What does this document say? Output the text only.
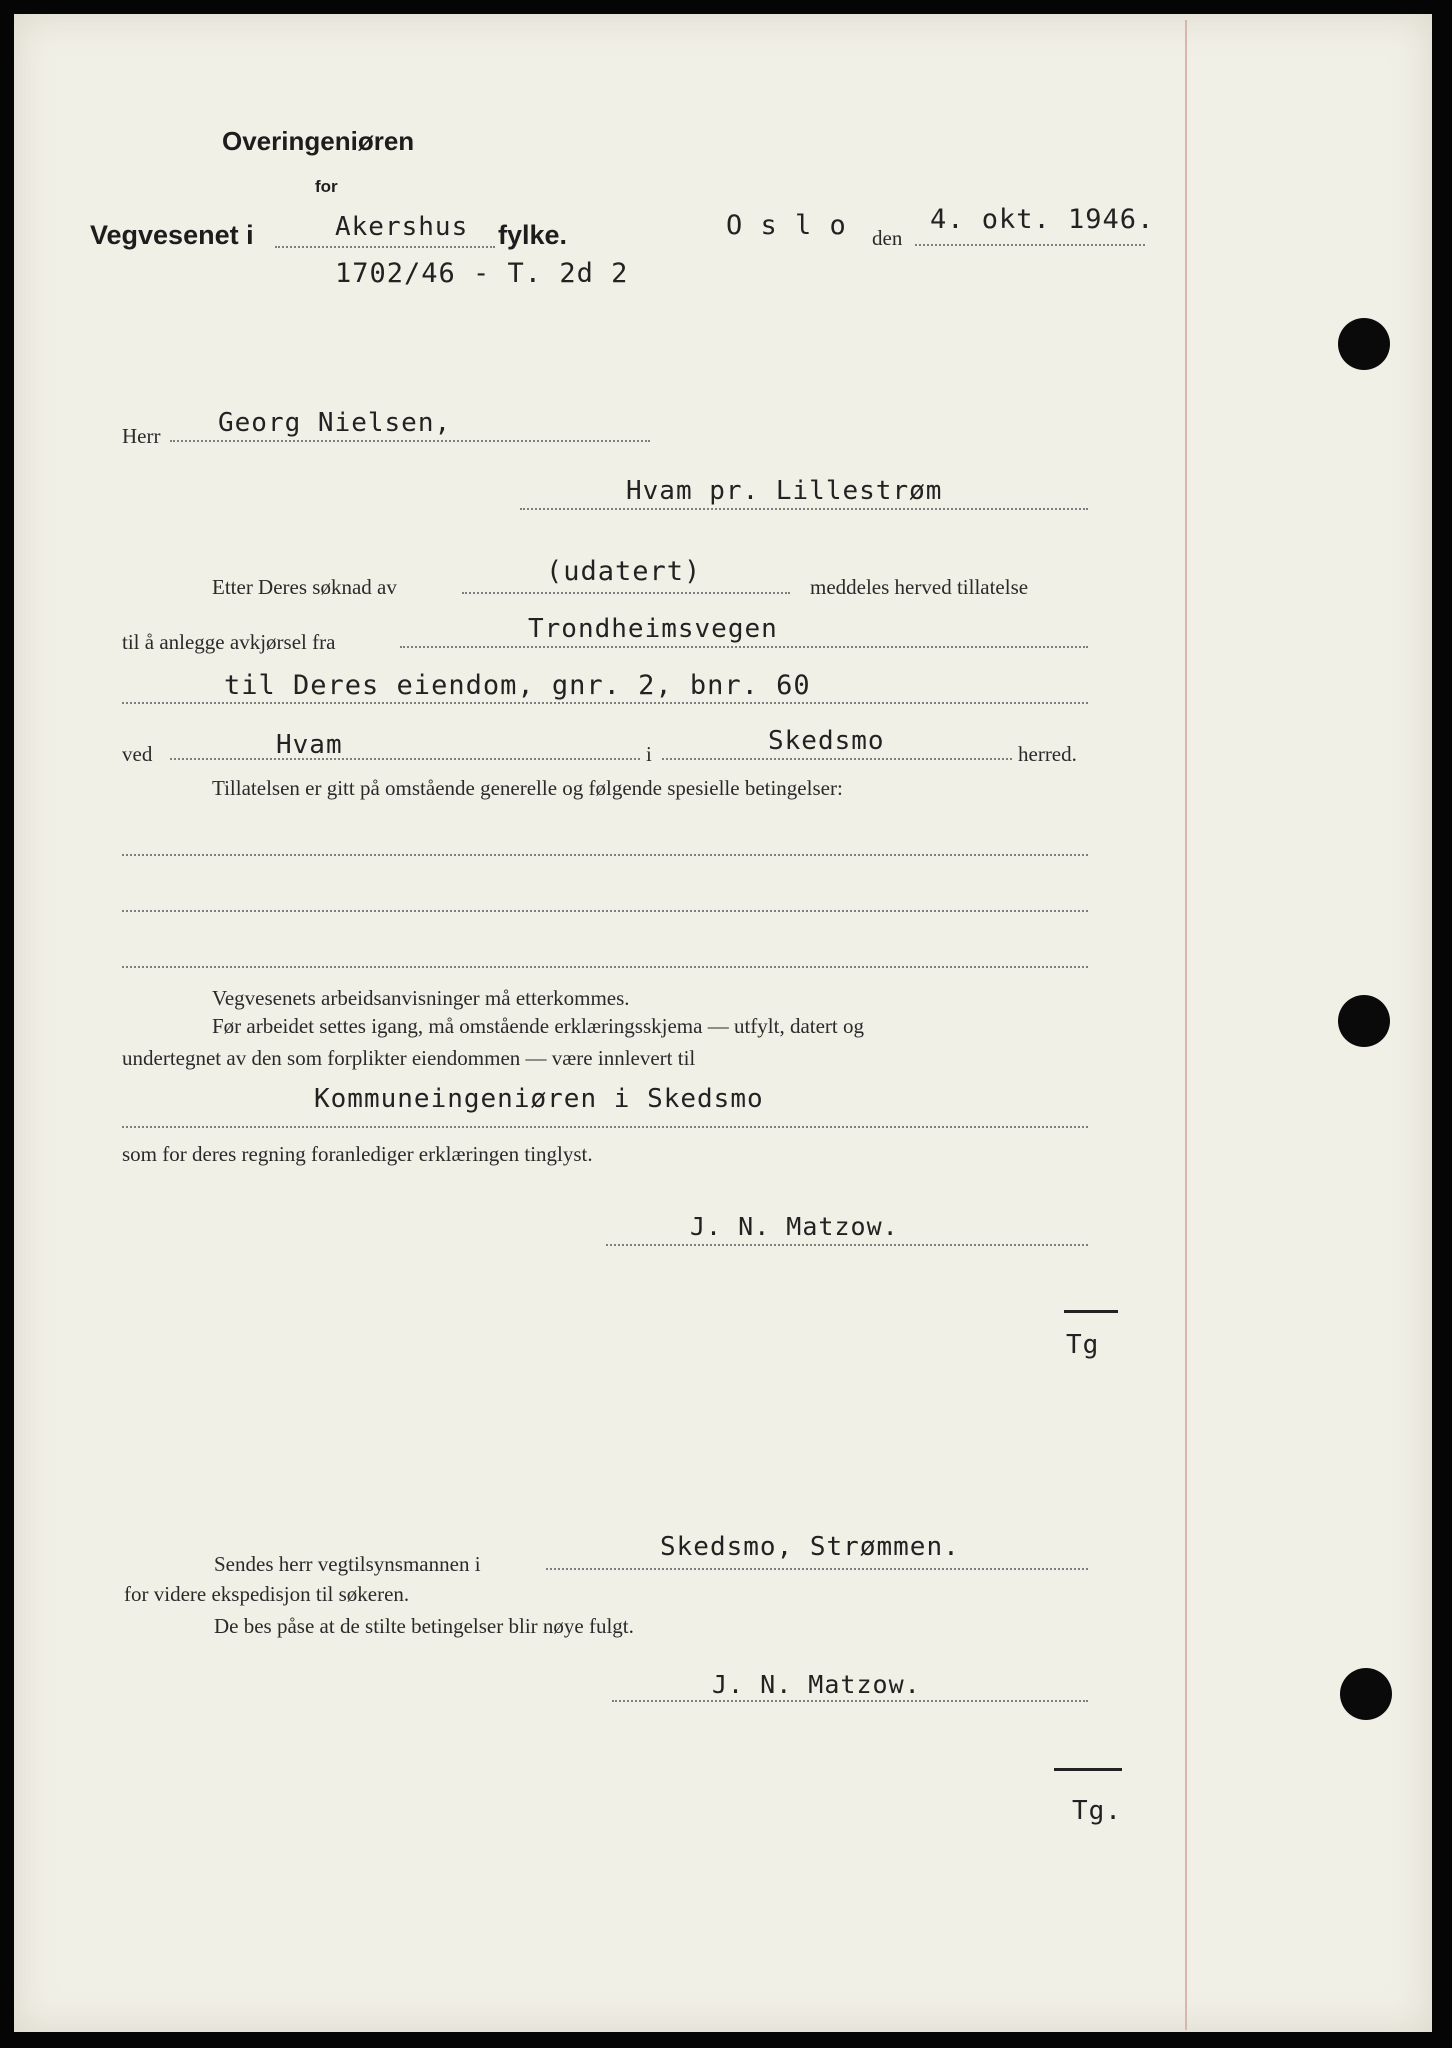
Overingeniøren
for
Vegvesenet i	Akershus fylke.
1702/46 - T. 2d 2
O s l o den
4. okt. 1946.
Herr Georg Nielsen,
Hvam pr. Lillestrøm
Etter Deres søknad av	(udatert)	meddeles herved tillatelse
til å anlegge avkjørsel fra	Trondheimsvegen
til Deres eiendom, gnr. 2, bnr. 60
ved	Hvam	i	Skedsmo	herred.
Tillatelsen er gitt på omstående generelle og følgende spesielle betingelser:
Vegvesenets arbeidsanvisninger må etterkommes.
Før arbeidet settes igang, må omstående erklæringsskjema — utfylt, datert og
undertegnet av den som forplikter eiendommen — være innlevert til
Kommuneingeniøren i Skedsmo
som for deres regning foranlediger erklæringen tinglyst.
J. N. Matzow.
Tg
Sendes herr vegtilsynsmannen i
Skedsmo, Strømmen.
for videre ekspedisjon til søkeren.
De bes påse at de stilte betingelser blir nøye fulgt.
J. N. Matzow.
Tg.
